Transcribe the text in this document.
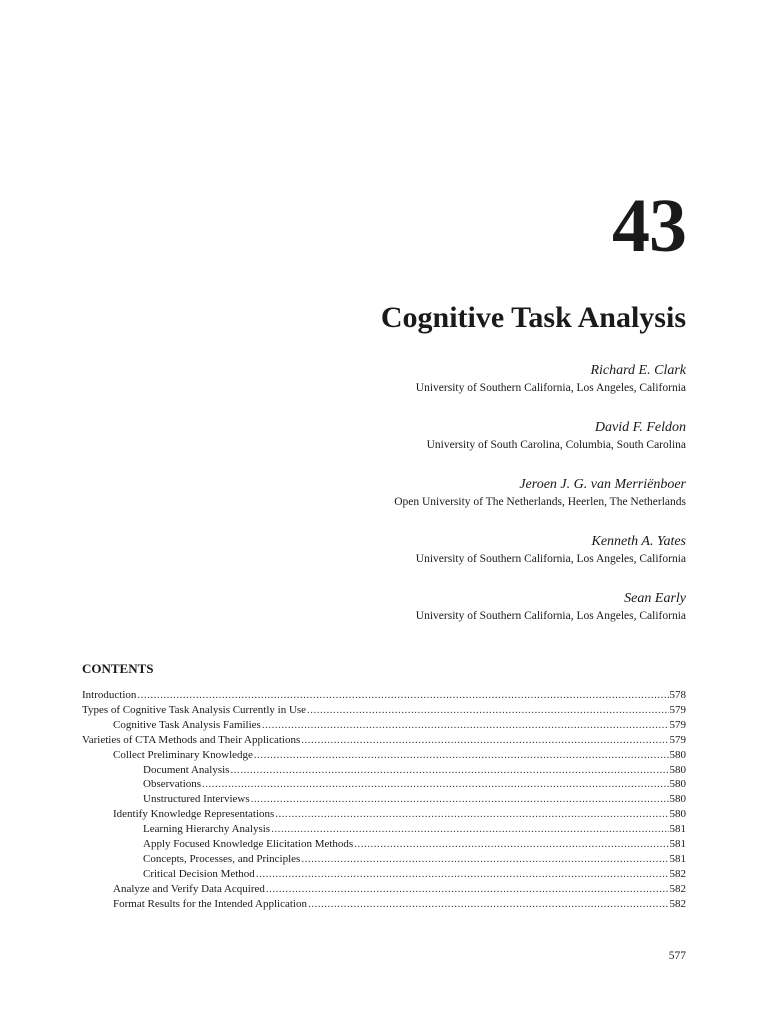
43
Cognitive Task Analysis
Richard E. Clark
University of Southern California, Los Angeles, California
David F. Feldon
University of South Carolina, Columbia, South Carolina
Jeroen J. G. van Merriënboer
Open University of The Netherlands, Heerlen, The Netherlands
Kenneth A. Yates
University of Southern California, Los Angeles, California
Sean Early
University of Southern California, Los Angeles, California
CONTENTS
Introduction .....	578
Types of Cognitive Task Analysis Currently in Use .....	579
Cognitive Task Analysis Families .....	579
Varieties of CTA Methods and Their Applications .....	579
Collect Preliminary Knowledge .....	580
Document Analysis .....	580
Observations .....	580
Unstructured Interviews .....	580
Identify Knowledge Representations .....	580
Learning Hierarchy Analysis .....	581
Apply Focused Knowledge Elicitation Methods .....	581
Concepts, Processes, and Principles .....	581
Critical Decision Method .....	582
Analyze and Verify Data Acquired .....	582
Format Results for the Intended Application .....	582
577
